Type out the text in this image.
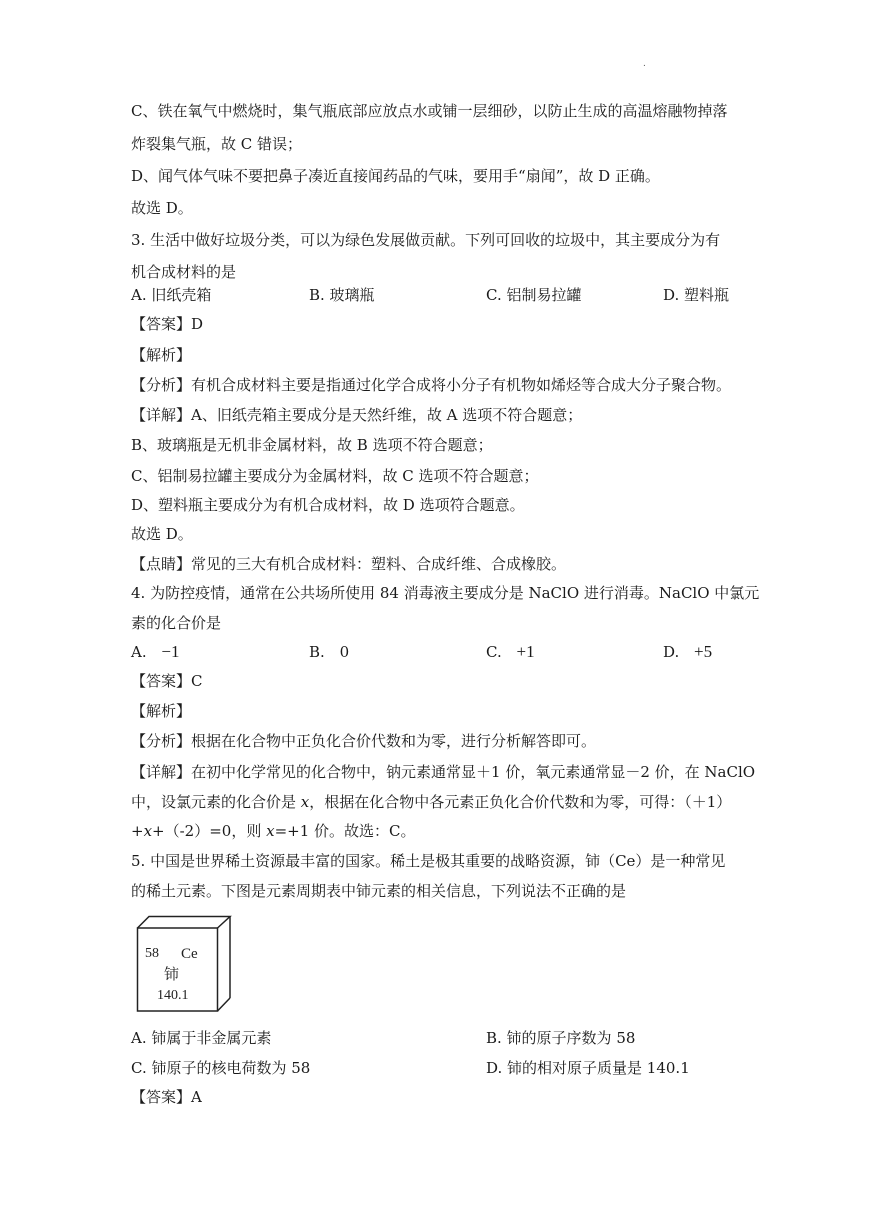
.
C、铁在氧气中燃烧时，集气瓶底部应放点水或铺一层细砂，以防止生成的高温熔融物掉落
炸裂集气瓶，故 C 错误；
D、闻气体气味不要把鼻子凑近直接闻药品的气味，要用手“扇闻”，故 D 正确。
故选 D。
3. 生活中做好垃圾分类，可以为绿色发展做贡献。下列可回收的垃圾中，其主要成分为有
机合成材料的是
A. 旧纸壳箱	B. 玻璃瓶	C. 铝制易拉罐	D. 塑料瓶
【答案】D
【解析】
【分析】有机合成材料主要是指通过化学合成将小分子有机物如烯烃等合成大分子聚合物。
【详解】A、旧纸壳箱主要成分是天然纤维，故 A 选项不符合题意；
B、玻璃瓶是无机非金属材料，故 B 选项不符合题意；
C、铝制易拉罐主要成分为金属材料，故 C 选项不符合题意；
D、塑料瓶主要成分为有机合成材料，故 D 选项符合题意。
故选 D。
【点睛】常见的三大有机合成材料：塑料、合成纤维、合成橡胶。
4. 为防控疫情，通常在公共场所使用 84 消毒液主要成分是 NaClO 进行消毒。NaClO 中氯元
素的化合价是
A. −1	B. 0	C. +1	D. +5
【答案】C
【解析】
【分析】根据在化合物中正负化合价代数和为零，进行分析解答即可。
【详解】在初中化学常见的化合物中，钠元素通常显＋1 价，氧元素通常显－2 价，在 NaClO
中，设氯元素的化合价是 x，根据在化合物中各元素正负化合价代数和为零，可得：（＋1）
+x+（-2）=0，则 x=+1 价。故选：C。
5. 中国是世界稀土资源最丰富的国家。稀土是极其重要的战略资源，铈（Ce）是一种常见
的稀土元素。下图是元素周期表中铈元素的相关信息，下列说法不正确的是
58 Ce
铈
140.1
A. 铈属于非金属元素	B. 铈的原子序数为 58
C. 铈原子的核电荷数为 58	D. 铈的相对原子质量是 140.1
【答案】A
